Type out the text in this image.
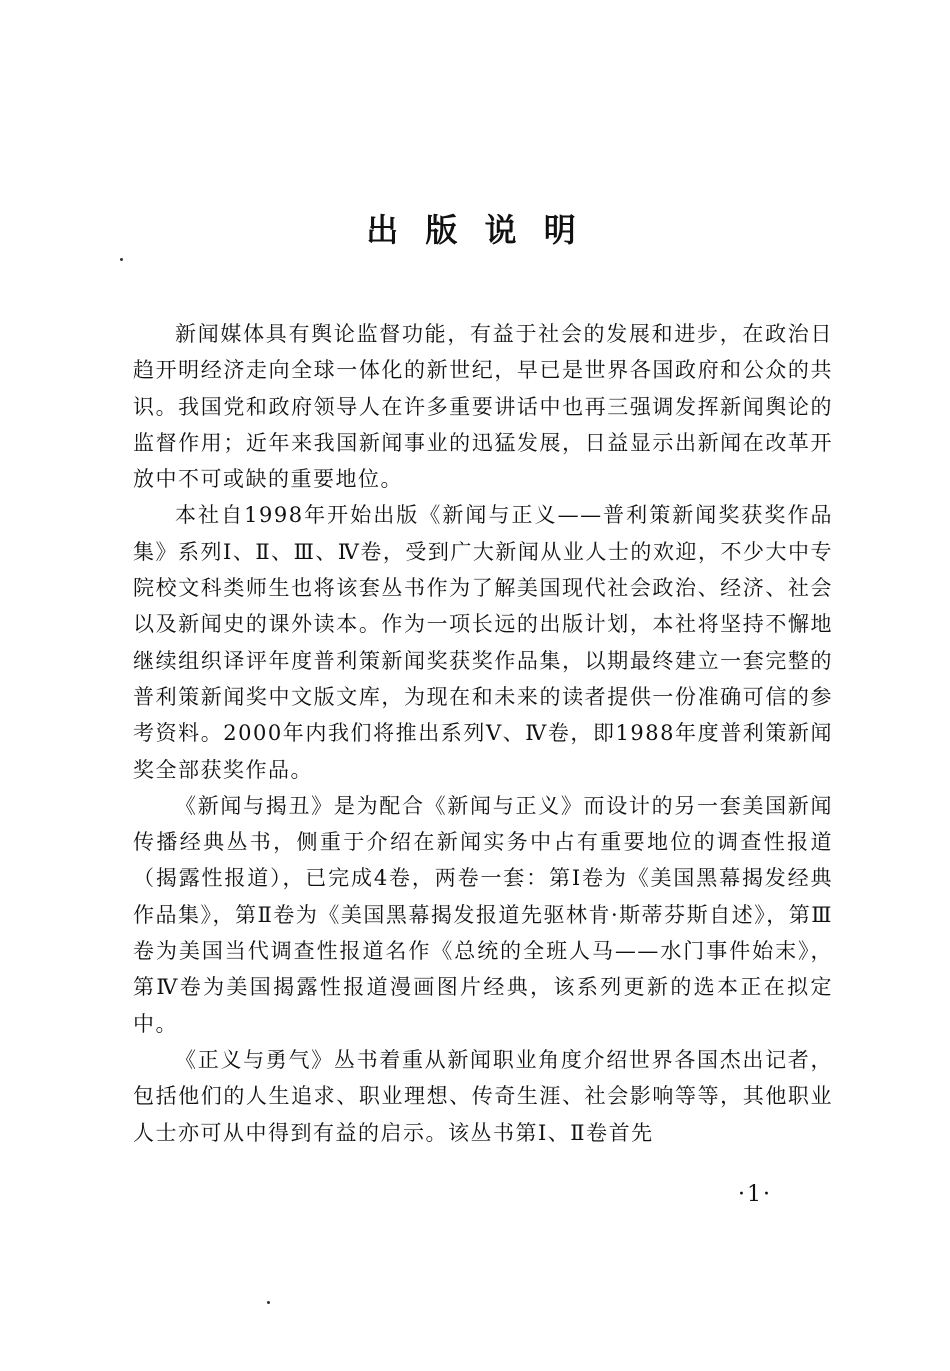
出 版 说 明

新闻媒体具有舆论监督功能，有益于社会的发展和进步，在政治日趋开明经济走向全球一体化的新世纪，早已是世界各国政府和公众的共识。我国党和政府领导人在许多重要讲话中也再三强调发挥新闻舆论的监督作用；近年来我国新闻事业的迅猛发展，日益显示出新闻在改革开放中不可或缺的重要地位。

本社自1998年开始出版《新闻与正义——普利策新闻奖获奖作品集》系列Ⅰ、Ⅱ、Ⅲ、Ⅳ卷，受到广大新闻从业人士的欢迎，不少大中专院校文科类师生也将该套丛书作为了解美国现代社会政治、经济、社会以及新闻史的课外读本。作为一项长远的出版计划，本社将坚持不懈地继续组织译评年度普利策新闻奖获奖作品集，以期最终建立一套完整的普利策新闻奖中文版文库，为现在和未来的读者提供一份准确可信的参考资料。2000年内我们将推出系列Ⅴ、Ⅳ卷，即1988年度普利策新闻奖全部获奖作品。

《新闻与揭丑》是为配合《新闻与正义》而设计的另一套美国新闻传播经典丛书，侧重于介绍在新闻实务中占有重要地位的调查性报道（揭露性报道），已完成4卷，两卷一套：第Ⅰ卷为《美国黑幕揭发经典作品集》，第Ⅱ卷为《美国黑幕揭发报道先驱林肯·斯蒂芬斯自述》，第Ⅲ卷为美国当代调查性报道名作《总统的全班人马——水门事件始末》，第Ⅳ卷为美国揭露性报道漫画图片经典，该系列更新的选本正在拟定中。

《正义与勇气》丛书着重从新闻职业角度介绍世界各国杰出记者，包括他们的人生追求、职业理想、传奇生涯、社会影响等等，其他职业人士亦可从中得到有益的启示。该丛书第Ⅰ、Ⅱ卷首先

·1·
